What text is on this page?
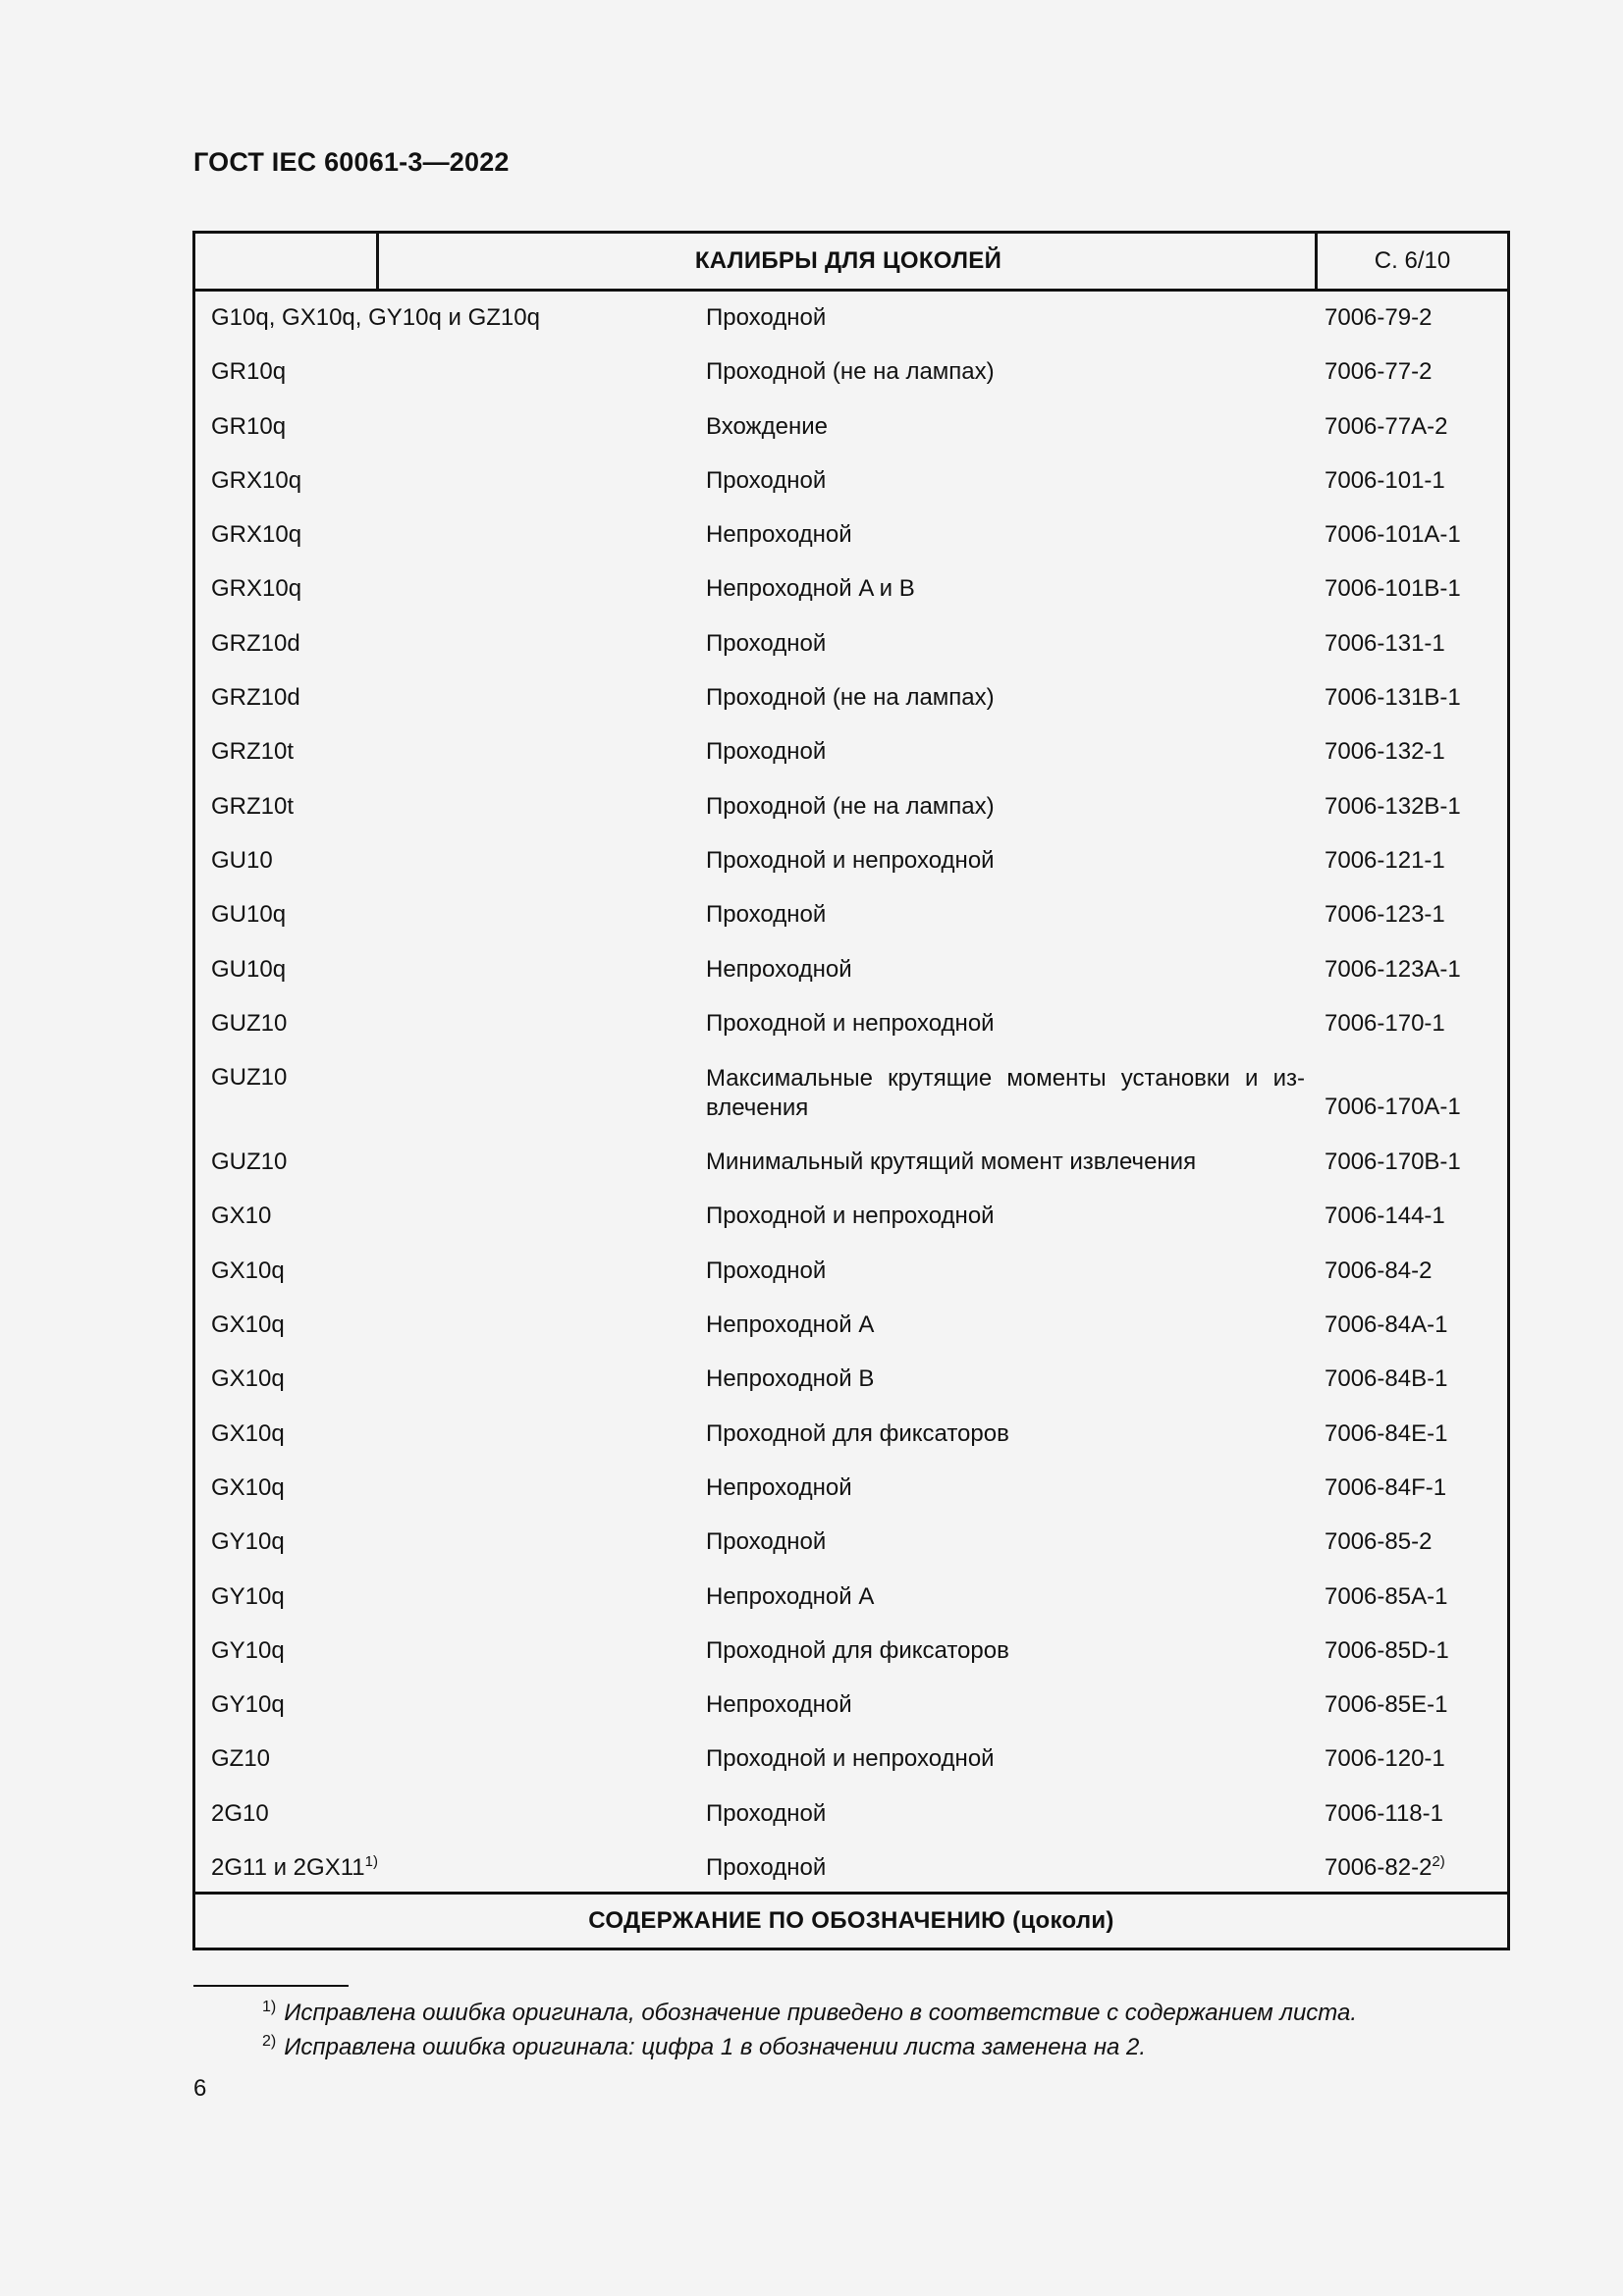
ГОСТ IEC 60061-3—2022
КАЛИБРЫ ДЛЯ ЦОКОЛЕЙ	С. 6/10
G10q, GX10q, GY10q и GZ10q	Проходной	7006-79-2
GR10q	Проходной (не на лампах)	7006-77-2
GR10q	Вхождение	7006-77A-2
GRX10q	Проходной	7006-101-1
GRX10q	Непроходной	7006-101A-1
GRX10q	Непроходной A и B	7006-101B-1
GRZ10d	Проходной	7006-131-1
GRZ10d	Проходной (не на лампах)	7006-131B-1
GRZ10t	Проходной	7006-132-1
GRZ10t	Проходной (не на лампах)	7006-132B-1
GU10	Проходной и непроходной	7006-121-1
GU10q	Проходной	7006-123-1
GU10q	Непроходной	7006-123A-1
GUZ10	Проходной и непроходной	7006-170-1
GUZ10	Максимальные крутящие моменты установки и из-влечения	7006-170A-1
GUZ10	Минимальный крутящий момент извлечения	7006-170B-1
GX10	Проходной и непроходной	7006-144-1
GX10q	Проходной	7006-84-2
GX10q	Непроходной A	7006-84A-1
GX10q	Непроходной B	7006-84B-1
GX10q	Проходной для фиксаторов	7006-84E-1
GX10q	Непроходной	7006-84F-1
GY10q	Проходной	7006-85-2
GY10q	Непроходной A	7006-85A-1
GY10q	Проходной для фиксаторов	7006-85D-1
GY10q	Непроходной	7006-85E-1
GZ10	Проходной и непроходной	7006-120-1
2G10	Проходной	7006-118-1
2G11 и 2GX11$^{1)}$	Проходной	7006-82-2$^{2)}$
СОДЕРЖАНИЕ ПО ОБОЗНАЧЕНИЮ (цоколи)
$^{1)}$ Исправлена ошибка оригинала, обозначение приведено в соответствие с содержанием листа.
$^{2)}$ Исправлена ошибка оригинала: цифра 1 в обозначении листа заменена на 2.
6
